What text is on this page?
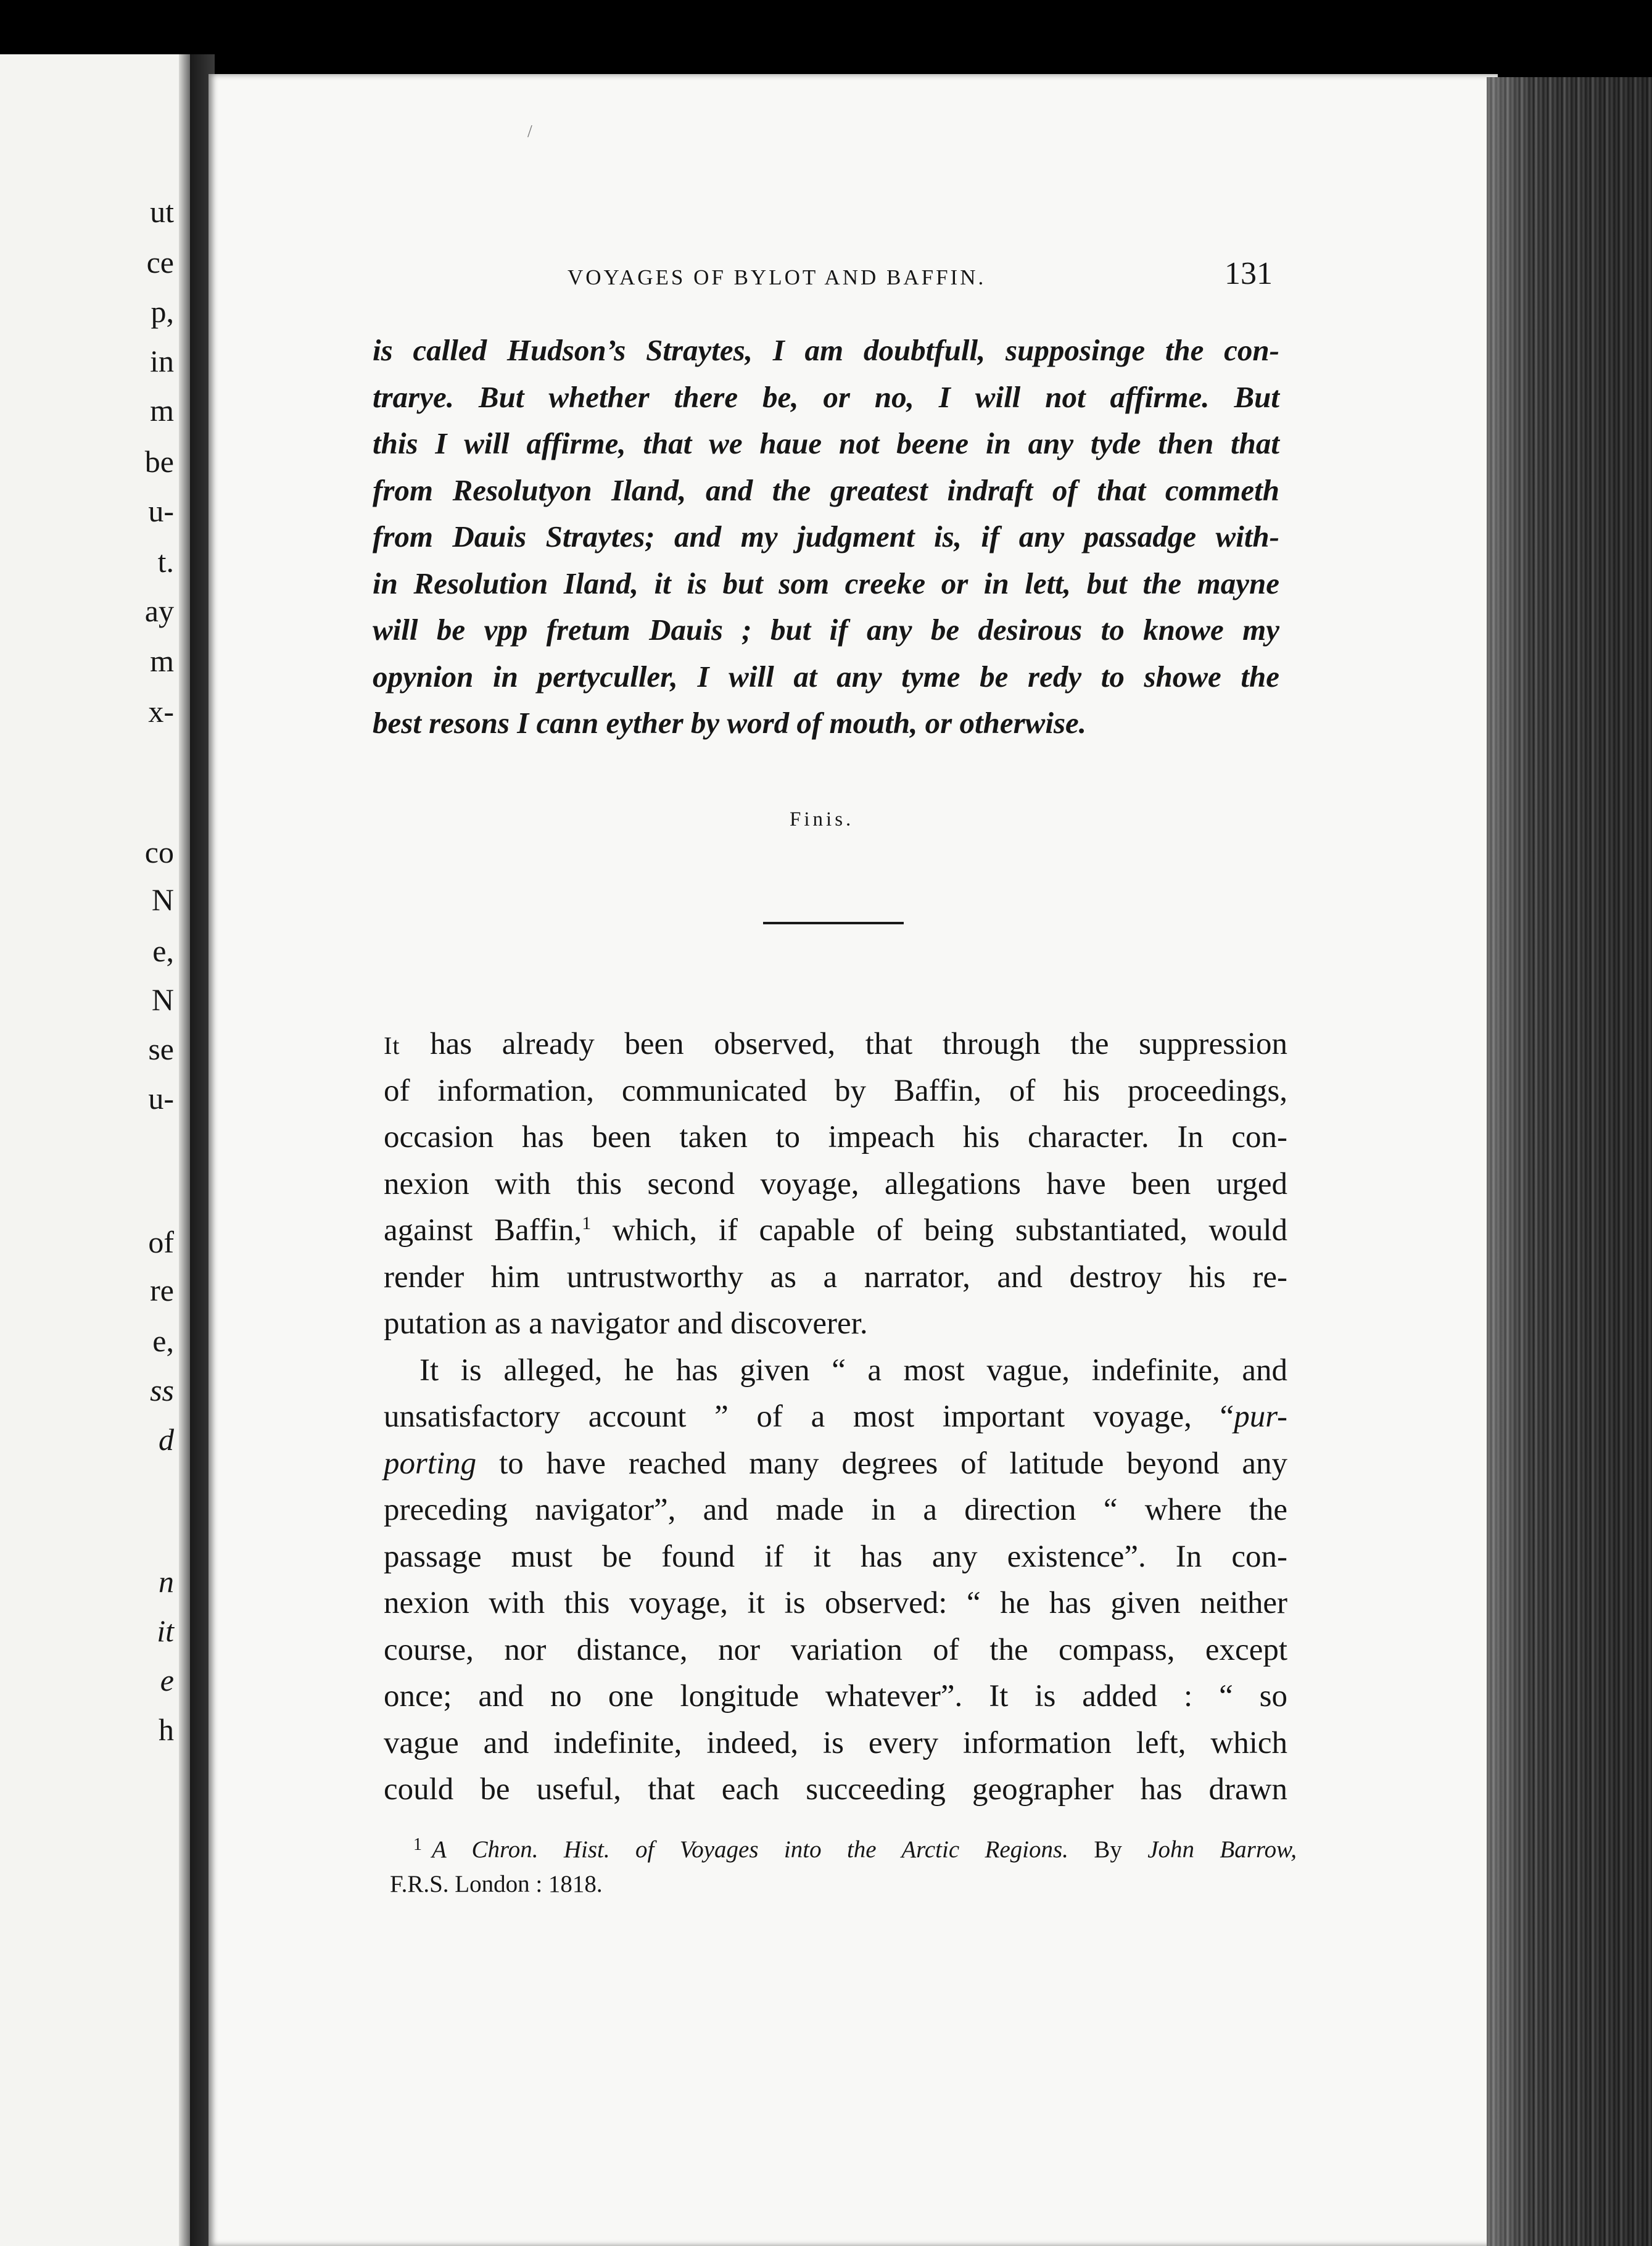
ut
ce
p,
in
m
be
u-
t.
ay
m
x-
co
N
e,
N
se
u-
of
re
e,
ss
d
n
it
e
h
/
VOYAGES OF BYLOT AND BAFFIN.	131
is called Hudson’s Straytes, I am doubtfull, supposinge the con-
trarye. But whether there be, or no, I will not affirme. But
this I will affirme, that we haue not beene in any tyde then that
from Resolutyon Iland, and the greatest indraft of that commeth
from Dauis Straytes; and my judgment is, if any passadge with-
in Resolution Iland, it is but som creeke or in lett, but the mayne
will be vpp fretum Dauis ; but if any be desirous to knowe my
opynion in pertyculler, I will at any tyme be redy to showe the
best resons I cann eyther by word of mouth, or otherwise.
Finis.
It has already been observed, that through the suppression
of information, communicated by Baffin, of his proceedings,
occasion has been taken to impeach his character. In con-
nexion with this second voyage, allegations have been urged
against Baffin,$^1$ which, if capable of being substantiated, would
render him untrustworthy as a narrator, and destroy his re-
putation as a navigator and discoverer.
It is alleged, he has given “ a most vague, indefinite, and
unsatisfactory account ” of a most important voyage, “pur-
porting to have reached many degrees of latitude beyond any
preceding navigator”, and made in a direction “ where the
passage must be found if it has any existence”. In con-
nexion with this voyage, it is observed: “ he has given neither
course, nor distance, nor variation of the compass, except
once; and no one longitude whatever”. It is added : “ so
vague and indefinite, indeed, is every information left, which
could be useful, that each succeeding geographer has drawn
$^1$ A Chron. Hist. of Voyages into the Arctic Regions. By John Barrow,
F.R.S. London : 1818.
